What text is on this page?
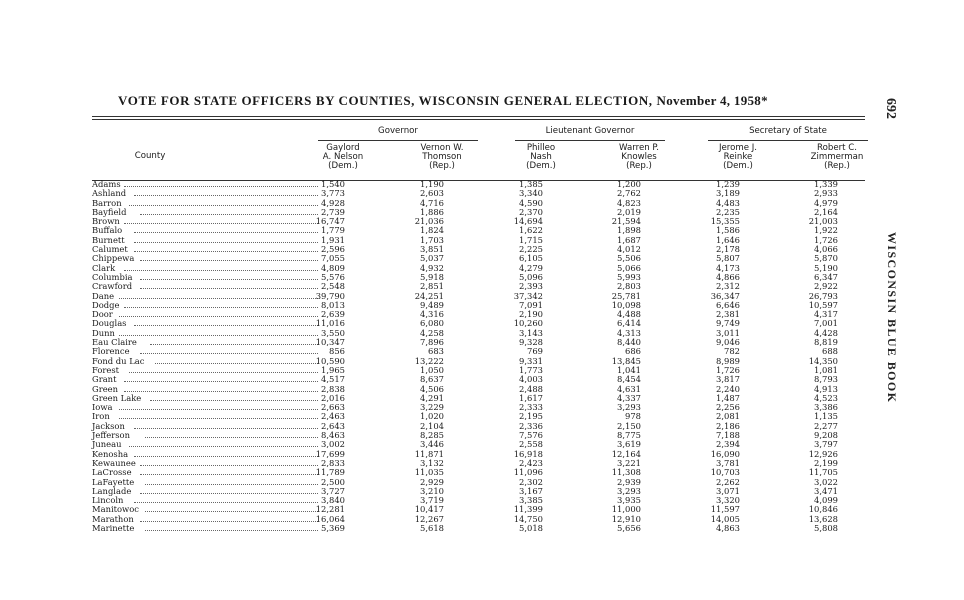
VOTE FOR STATE OFFICERS BY COUNTIES, WISCONSIN GENERAL ELECTION, November 4, 1958*	692
WISCONSIN BLUE BOOK
Governor	Lieutenant Governor	Secretary of State
County
Gaylord
A. Nelson
(Dem.)
Vernon W.
Thomson
(Rep.)
Philleo
Nash
(Dem.)
Warren P.
Knowles
(Rep.)
Jerome J.
Reinke
(Dem.)
Robert C.
Zimmerman
(Rep.)
Adams	1,540	1,190	1,385	1,200	1,239	1,339
Ashland	3,773	2,603	3,340	2,762	3,189	2,933
Barron	4,928	4,716	4,590	4,823	4,483	4,979
Bayfield	2,739	1,886	2,370	2,019	2,235	2,164
Brown	16,747	21,036	14,694	21,594	15,355	21,003
Buffalo	1,779	1,824	1,622	1,898	1,586	1,922
Burnett	1,931	1,703	1,715	1,687	1,646	1,726
Calumet	2,596	3,851	2,225	4,012	2,178	4,066
Chippewa	7,055	5,037	6,105	5,506	5,807	5,870
Clark	4,809	4,932	4,279	5,066	4,173	5,190
Columbia	5,576	5,918	5,096	5,993	4,866	6,347
Crawford	2,548	2,851	2,393	2,803	2,312	2,922
Dane	39,790	24,251	37,342	25,781	36,347	26,793
Dodge	8,013	9,489	7,091	10,098	6,646	10,597
Door	2,639	4,316	2,190	4,488	2,381	4,317
Douglas	11,016	6,080	10,260	6,414	9,749	7,001
Dunn	3,550	4,258	3,143	4,313	3,011	4,428
Eau Claire	10,347	7,896	9,328	8,440	9,046	8,819
Florence	856	683	769	686	782	688
Fond du Lac	10,590	13,222	9,331	13,845	8,989	14,350
Forest	1,965	1,050	1,773	1,041	1,726	1,081
Grant	4,517	8,637	4,003	8,454	3,817	8,793
Green	2,838	4,506	2,488	4,631	2,240	4,913
Green Lake	2,016	4,291	1,617	4,337	1,487	4,523
Iowa	2,663	3,229	2,333	3,293	2,256	3,386
Iron	2,463	1,020	2,195	978	2,081	1,135
Jackson	2,643	2,104	2,336	2,150	2,186	2,277
Jefferson	8,463	8,285	7,576	8,775	7,188	9,208
Juneau	3,002	3,446	2,558	3,619	2,394	3,797
Kenosha	17,699	11,871	16,918	12,164	16,090	12,926
Kewaunee	2,833	3,132	2,423	3,221	3,781	2,199
LaCrosse	11,789	11,035	11,096	11,308	10,703	11,705
LaFayette	2,500	2,929	2,302	2,939	2,262	3,022
Langlade	3,727	3,210	3,167	3,293	3,071	3,471
Lincoln	3,840	3,719	3,385	3,935	3,320	4,099
Manitowoc	12,281	10,417	11,399	11,000	11,597	10,846
Marathon	16,064	12,267	14,750	12,910	14,005	13,628
Marinette	5,369	5,618	5,018	5,656	4,863	5,808
